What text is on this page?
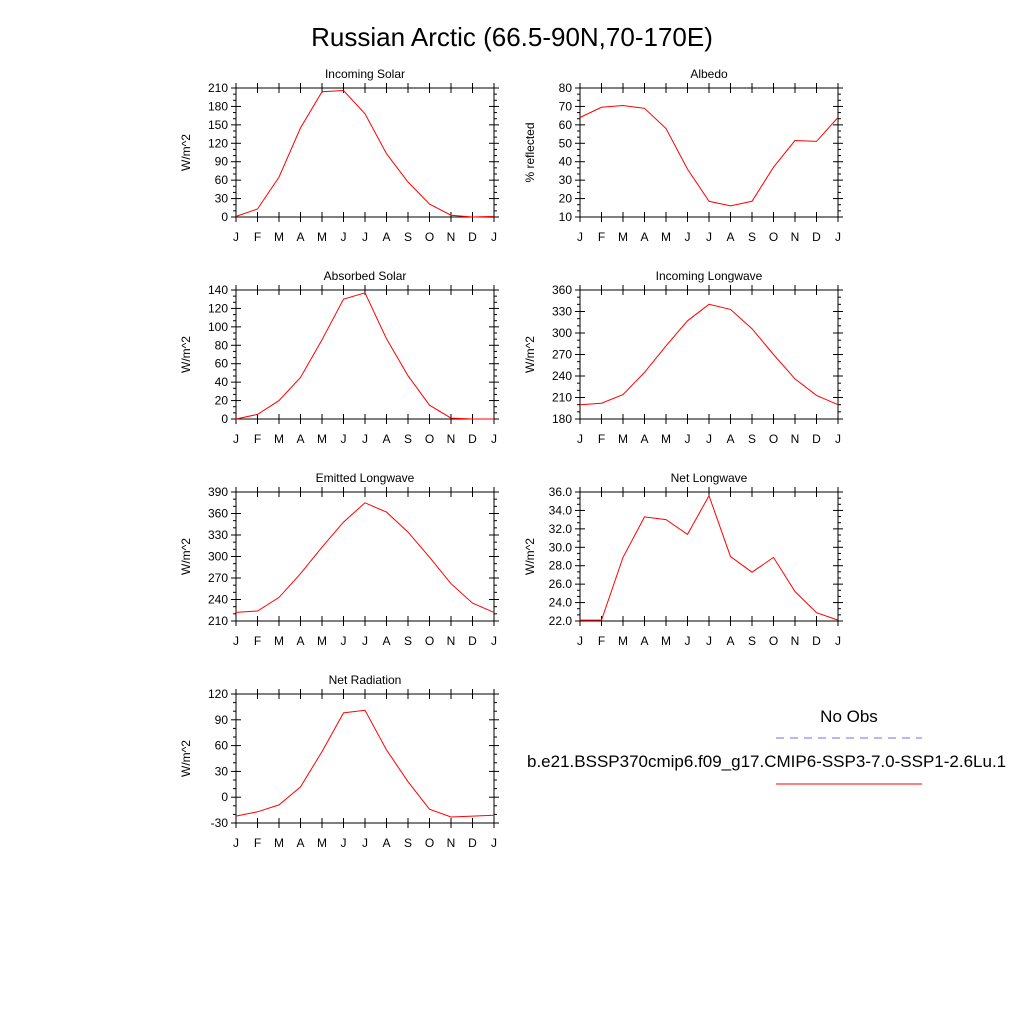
Russian Arctic (66.5-90N,70-170E)
Incoming Solar
W/m^2
0
30
60
90
120
150
180
210
J F M A M J J A S O N D J
Albedo
% reflected
10
20
30
40
50
60
70
80
J F M A M J J A S O N D J
Absorbed Solar
W/m^2
0
20
40
60
80
100
120
140
J F M A M J J A S O N D J
Incoming Longwave
W/m^2
180
210
240
270
300
330
360
J F M A M J J A S O N D J
Emitted Longwave
W/m^2
210
240
270
300
330
360
390
J F M A M J J A S O N D J
Net Longwave
W/m^2
22.0
24.0
26.0
28.0
30.0
32.0
34.0
36.0
J F M A M J J A S O N D J
Net Radiation
W/m^2
-30
0
30
60
90
120
J F M A M J J A S O N D J
No Obs
b.e21.BSSP370cmip6.f09_g17.CMIP6-SSP3-7.0-SSP1-2.6Lu.1
